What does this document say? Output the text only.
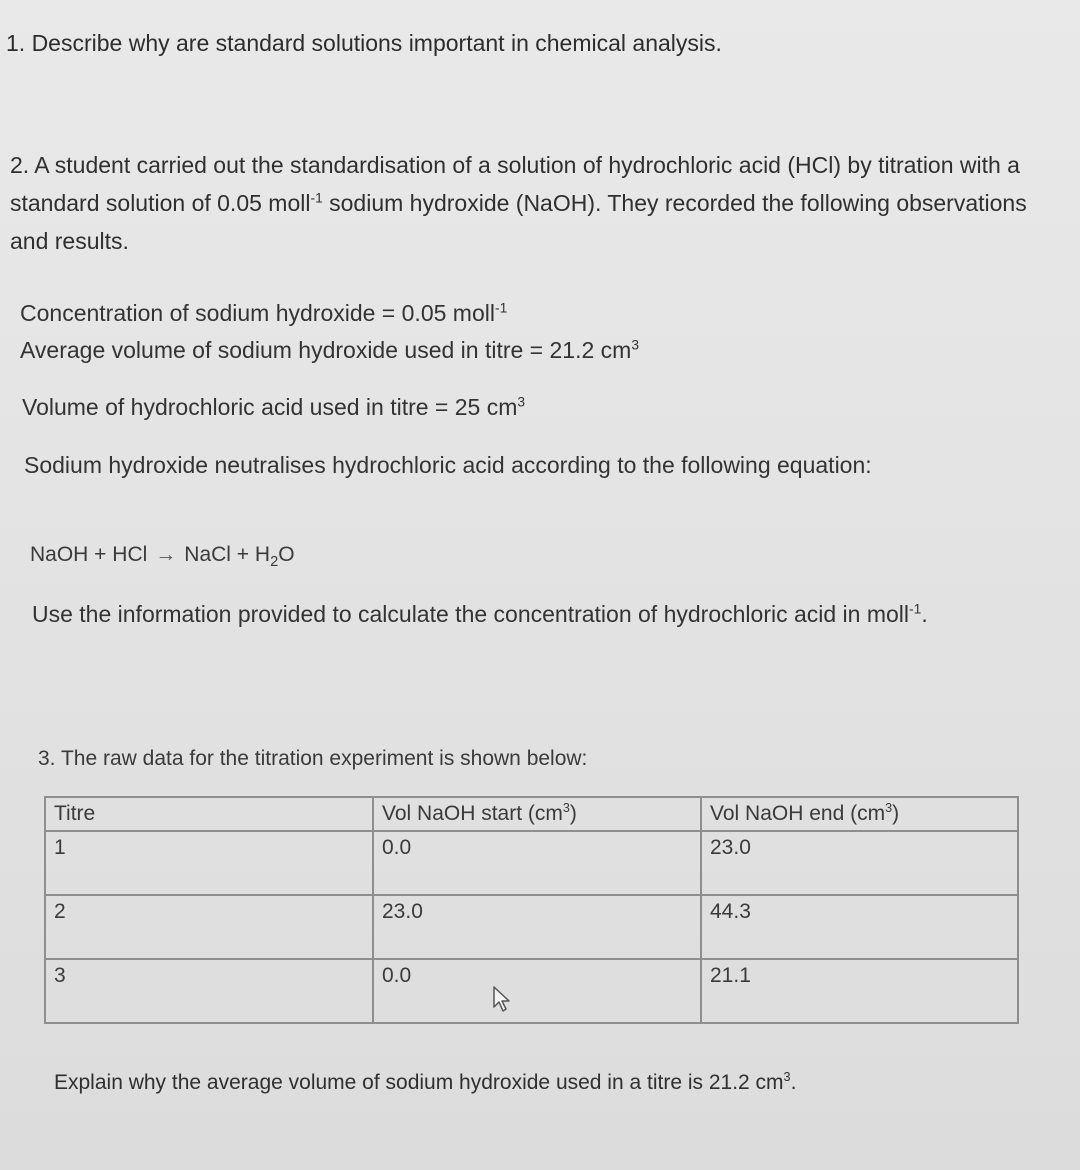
1. Describe why are standard solutions important in chemical analysis.
2. A student carried out the standardisation of a solution of hydrochloric acid (HCl) by titration with a standard solution of 0.05 moll$^{-1}$ sodium hydroxide (NaOH). They recorded the following observations and results.
Concentration of sodium hydroxide = 0.05 moll$^{-1}$
Average volume of sodium hydroxide used in titre = 21.2 $cm^3$
Volume of hydrochloric acid used in titre = 25 $cm^3$
Sodium hydroxide neutralises hydrochloric acid according to the following equation:
NaOH + HCl → NaCl + $H_2O$
Use the information provided to calculate the concentration of hydrochloric acid in moll$^{-1}$.
3. The raw data for the titration experiment is shown below:
Titre	Vol NaOH start $(cm^3)$	Vol NaOH end $(cm^3)$
1	0.0	23.0
2	23.0	44.3
3	0.0	21.1
Explain why the average volume of sodium hydroxide used in a titre is 21.2 $cm^3$.
